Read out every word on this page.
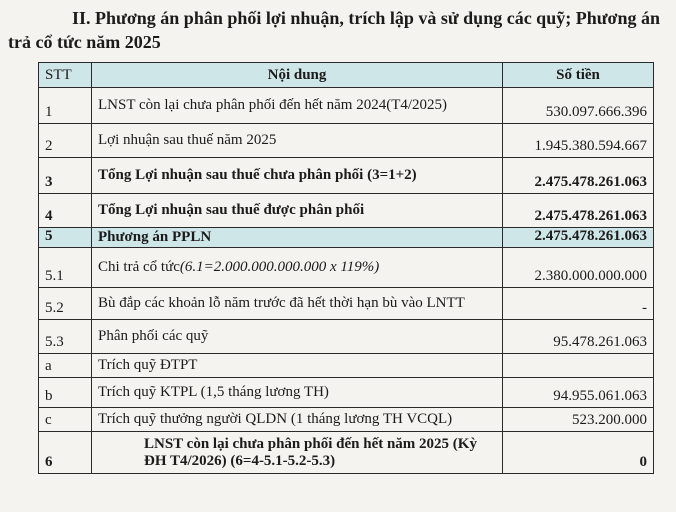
II. Phương án phân phối lợi nhuận, trích lập và sử dụng các quỹ; Phương án trả cổ tức năm 2025
STT	Nội dung	Số tiền
1	LNST còn lại chưa phân phối đến hết năm 2024(T4/2025)	530.097.666.396
2	Lợi nhuận sau thuế năm 2025	1.945.380.594.667
3	Tổng Lợi nhuận sau thuế chưa phân phối (3=1+2)	2.475.478.261.063
4	Tổng Lợi nhuận sau thuế được phân phối	2.475.478.261.063
5	Phương án PPLN	2.475.478.261.063
5.1	Chi trả cổ tức(6.1=2.000.000.000.000 x 119%)	2.380.000.000.000
5.2	Bù đắp các khoản lỗ năm trước đã hết thời hạn bù vào LNTT	-
5.3	Phân phối các quỹ	95.478.261.063
a	Trích quỹ ĐTPT	
b	Trích quỹ KTPL (1,5 tháng lương TH)	94.955.061.063
c	Trích quỹ thưởng người QLDN (1 tháng lương TH VCQL)	523.200.000
6	LNST còn lại chưa phân phối đến hết năm 2025 (Kỳ ĐH T4/2026) (6=4-5.1-5.2-5.3)	0
